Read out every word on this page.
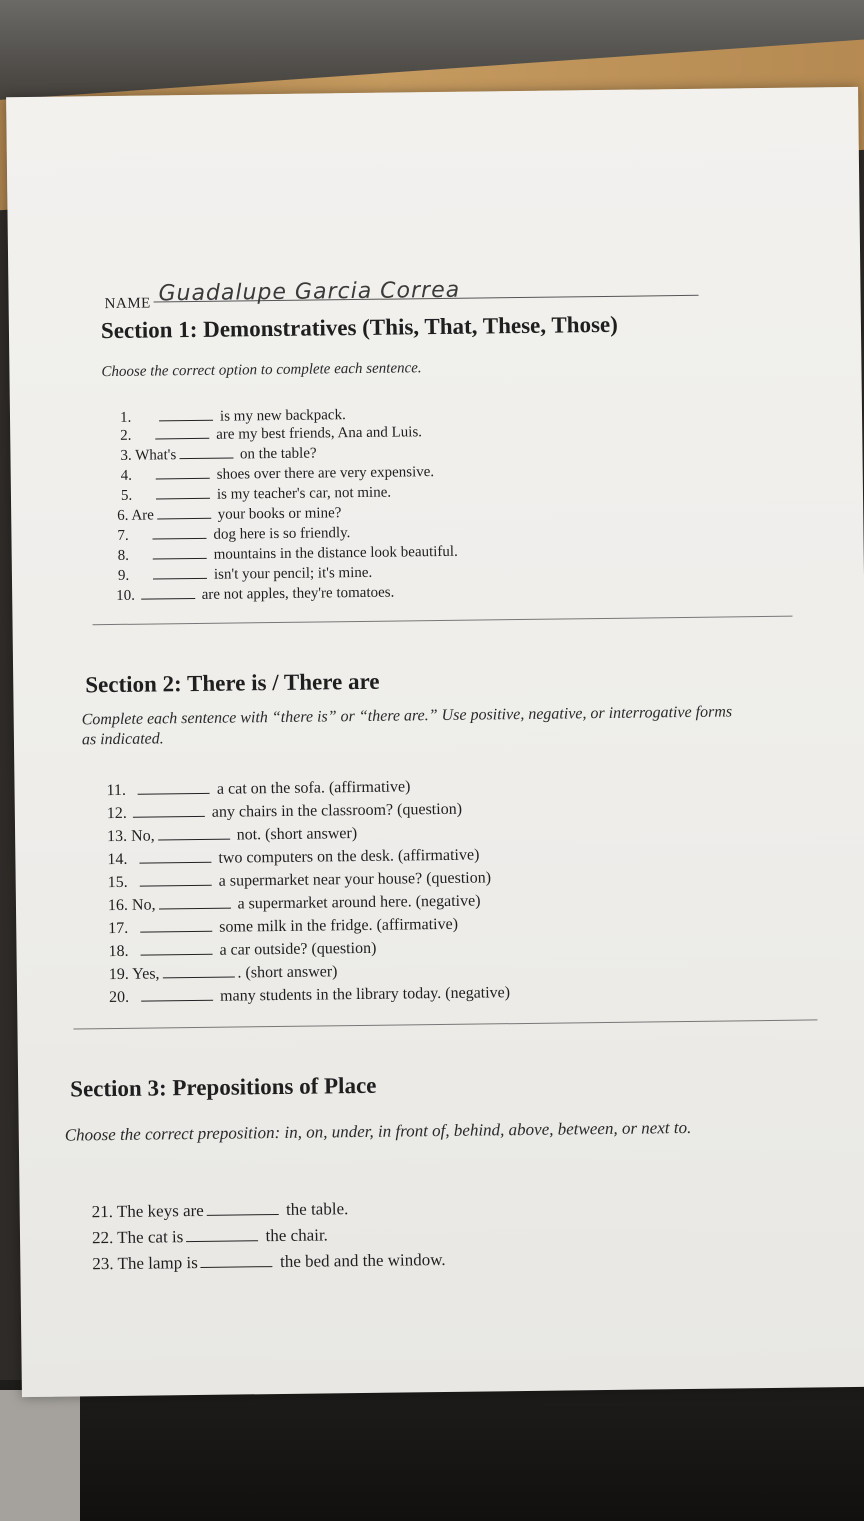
NAME Guadalupe Garcia Correa
Section 1: Demonstratives (This, That, These, Those)
Choose the correct option to complete each sentence.
1.	is my new backpack.
2.	are my best friends, Ana and Luis.
3. What's	on the table?
4.	shoes over there are very expensive.
5.	is my teacher's car, not mine.
6. Are	your books or mine?
7.	dog here is so friendly.
8.	mountains in the distance look beautiful.
9.	isn't your pencil; it's mine.
10.	are not apples, they're tomatoes.
Section 2: There is / There are
Complete each sentence with “there is” or “there are.” Use positive, negative, or interrogative forms as indicated.
11.	a cat on the sofa. (affirmative)
12.	any chairs in the classroom? (question)
13. No,	not. (short answer)
14.	two computers on the desk. (affirmative)
15.	a supermarket near your house? (question)
16. No,	a supermarket around here. (negative)
17.	some milk in the fridge. (affirmative)
18.	a car outside? (question)
19. Yes,	. (short answer)
20.	many students in the library today. (negative)
Section 3: Prepositions of Place
Choose the correct preposition: in, on, under, in front of, behind, above, between, or next to.
21. The keys are	the table.
22. The cat is	the chair.
23. The lamp is	the bed and the window.
